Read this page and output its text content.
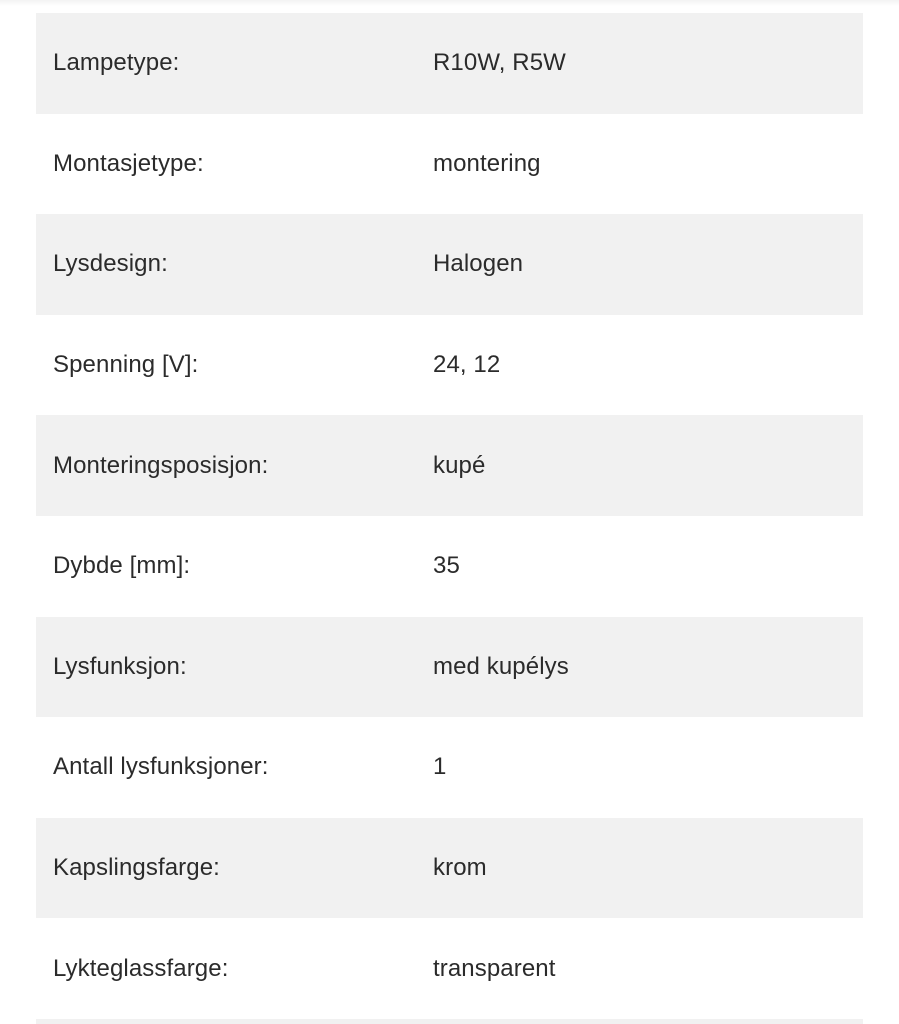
Lampetype:	R10W, R5W
Montasjetype:	montering
Lysdesign:	Halogen
Spenning [V]:	24, 12
Monteringsposisjon:	kupé
Dybde [mm]:	35
Lysfunksjon:	med kupélys
Antall lysfunksjoner:	1
Kapslingsfarge:	krom
Lykteglassfarge:	transparent
